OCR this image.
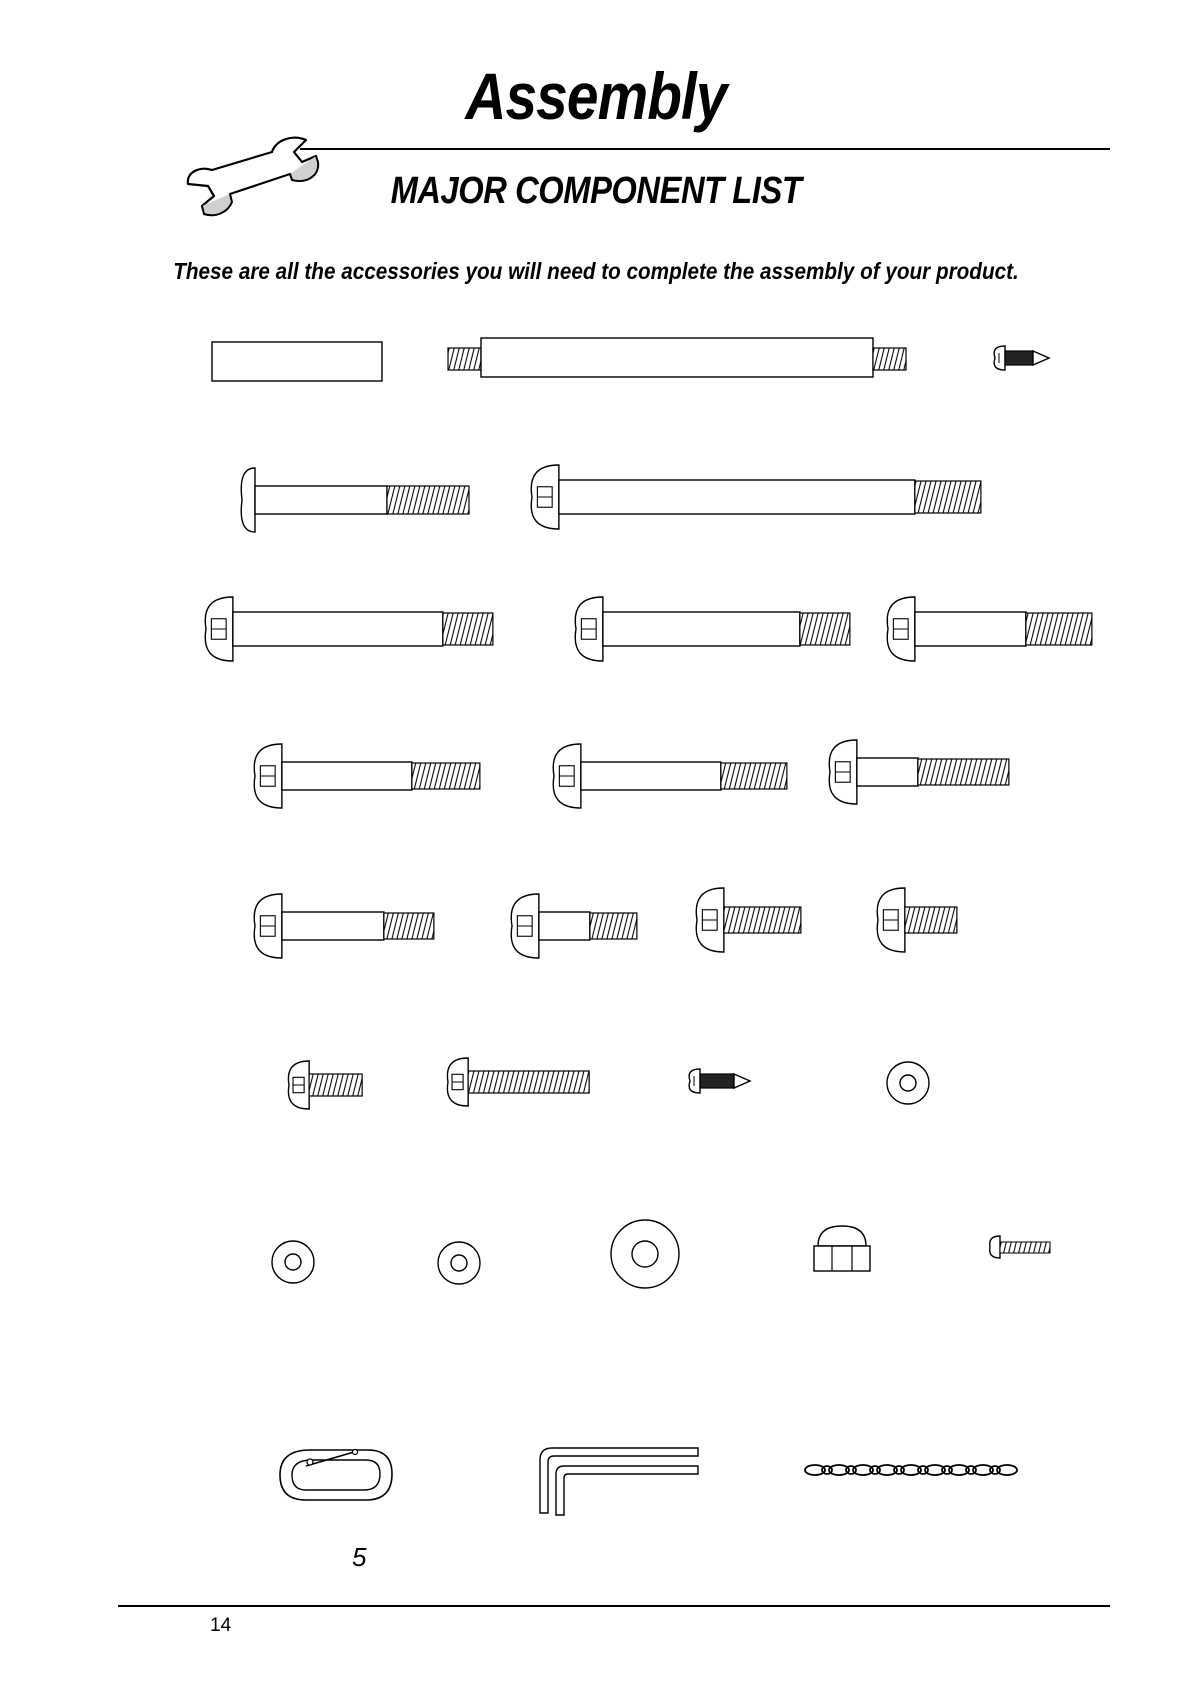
Assembly
MAJOR COMPONENT LIST
These are all the accessories you will need to complete the assembly of your product.
5
14
